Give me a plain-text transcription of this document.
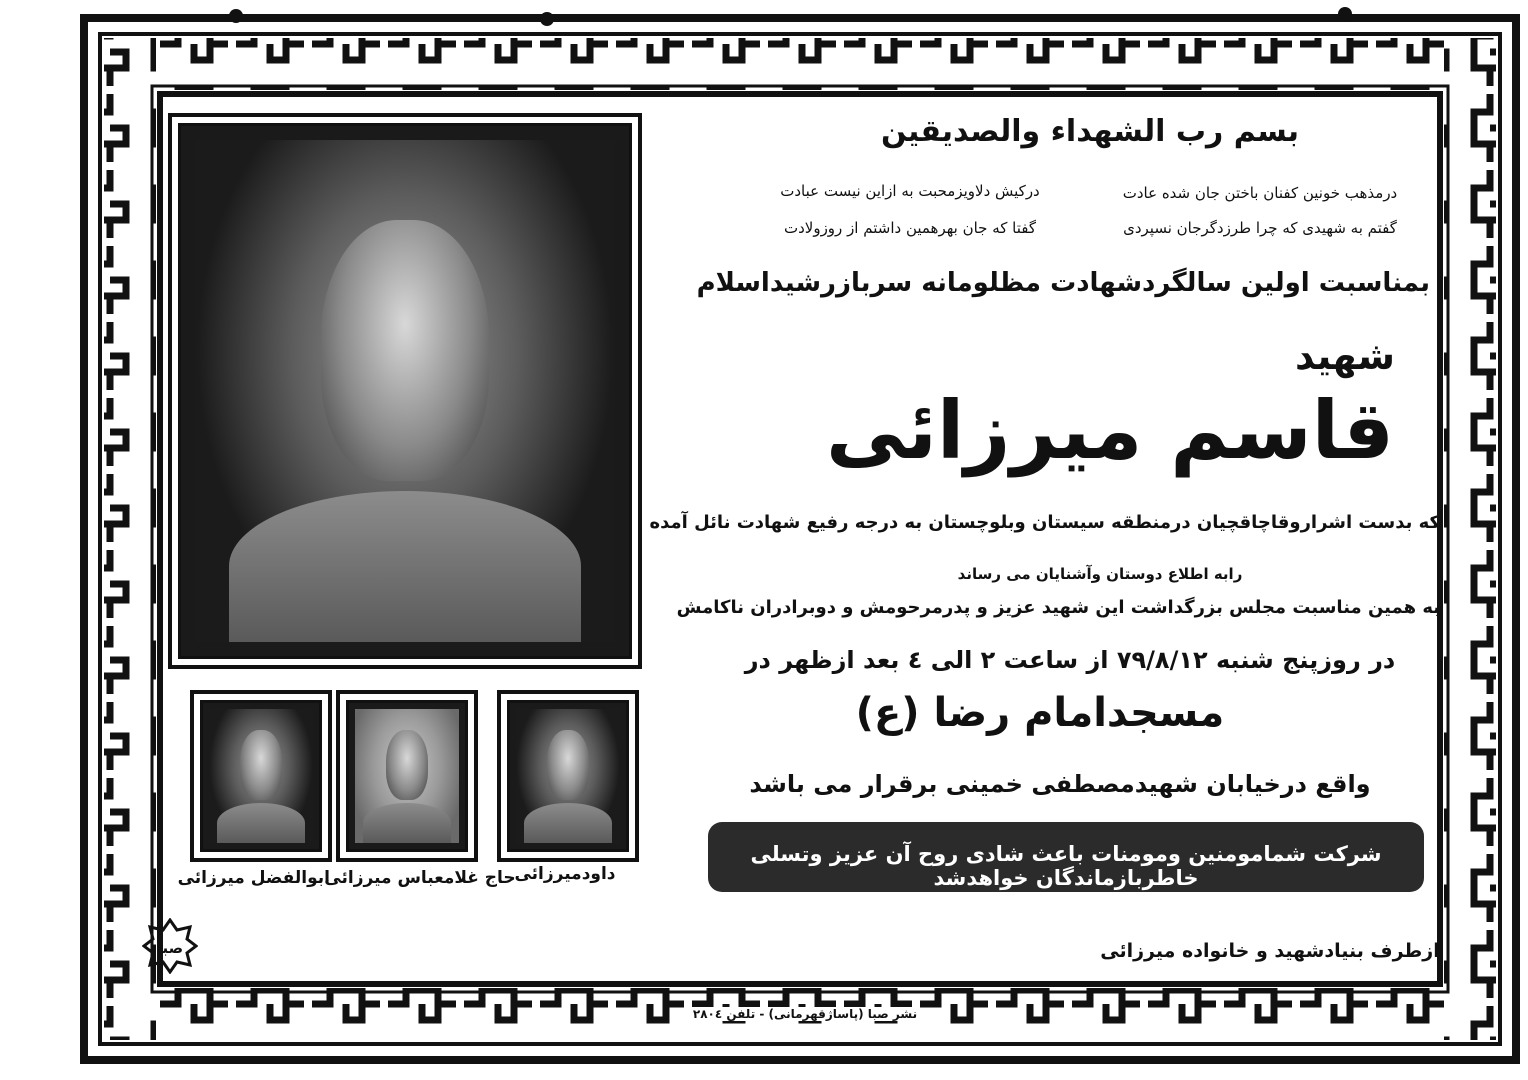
بسم رب الشهداء والصدیقین
درمذهب خونین کفنان باختن جان شده عادت
درکیش دلاویزمحبت به ازاین نیست عبادت
گفتم به شهیدی که چرا طرزدگرجان نسپردی
گفتا که جان بهرهمین داشتم از روزولادت
بمناسبت اولین سالگردشهادت مظلومانه سربازرشیداسلام
شهید
قاسم میرزائی
که بدست اشراروقاچاقچیان درمنطقه سیستان وبلوچستان به درجه رفیع شهادت نائل آمده
رابه اطلاع دوستان وآشنایان می رساند
به همین مناسبت مجلس بزرگداشت این شهید عزیز و پدرمرحومش و دوبرادران ناکامش
در روزپنج شنبه ۷۹/۸/۱۲ از ساعت ۲ الی ٤ بعد ازظهر در
مسجدامام رضا (ع)
واقع درخیابان شهیدمصطفی خمینی برقرار می باشد
شرکت شمامومنین ومومنات باعث شادی روح آن عزیز وتسلی خاطربازماندگان خواهدشد
ازطرف بنیادشهید و خانواده میرزائی
داودمیرزائی
حاج غلامعباس میرزائی
ابوالفضل میرزائی
صبا
نشر صبا (پاساژقهرمانی) - تلفن ۲۸۰٤
